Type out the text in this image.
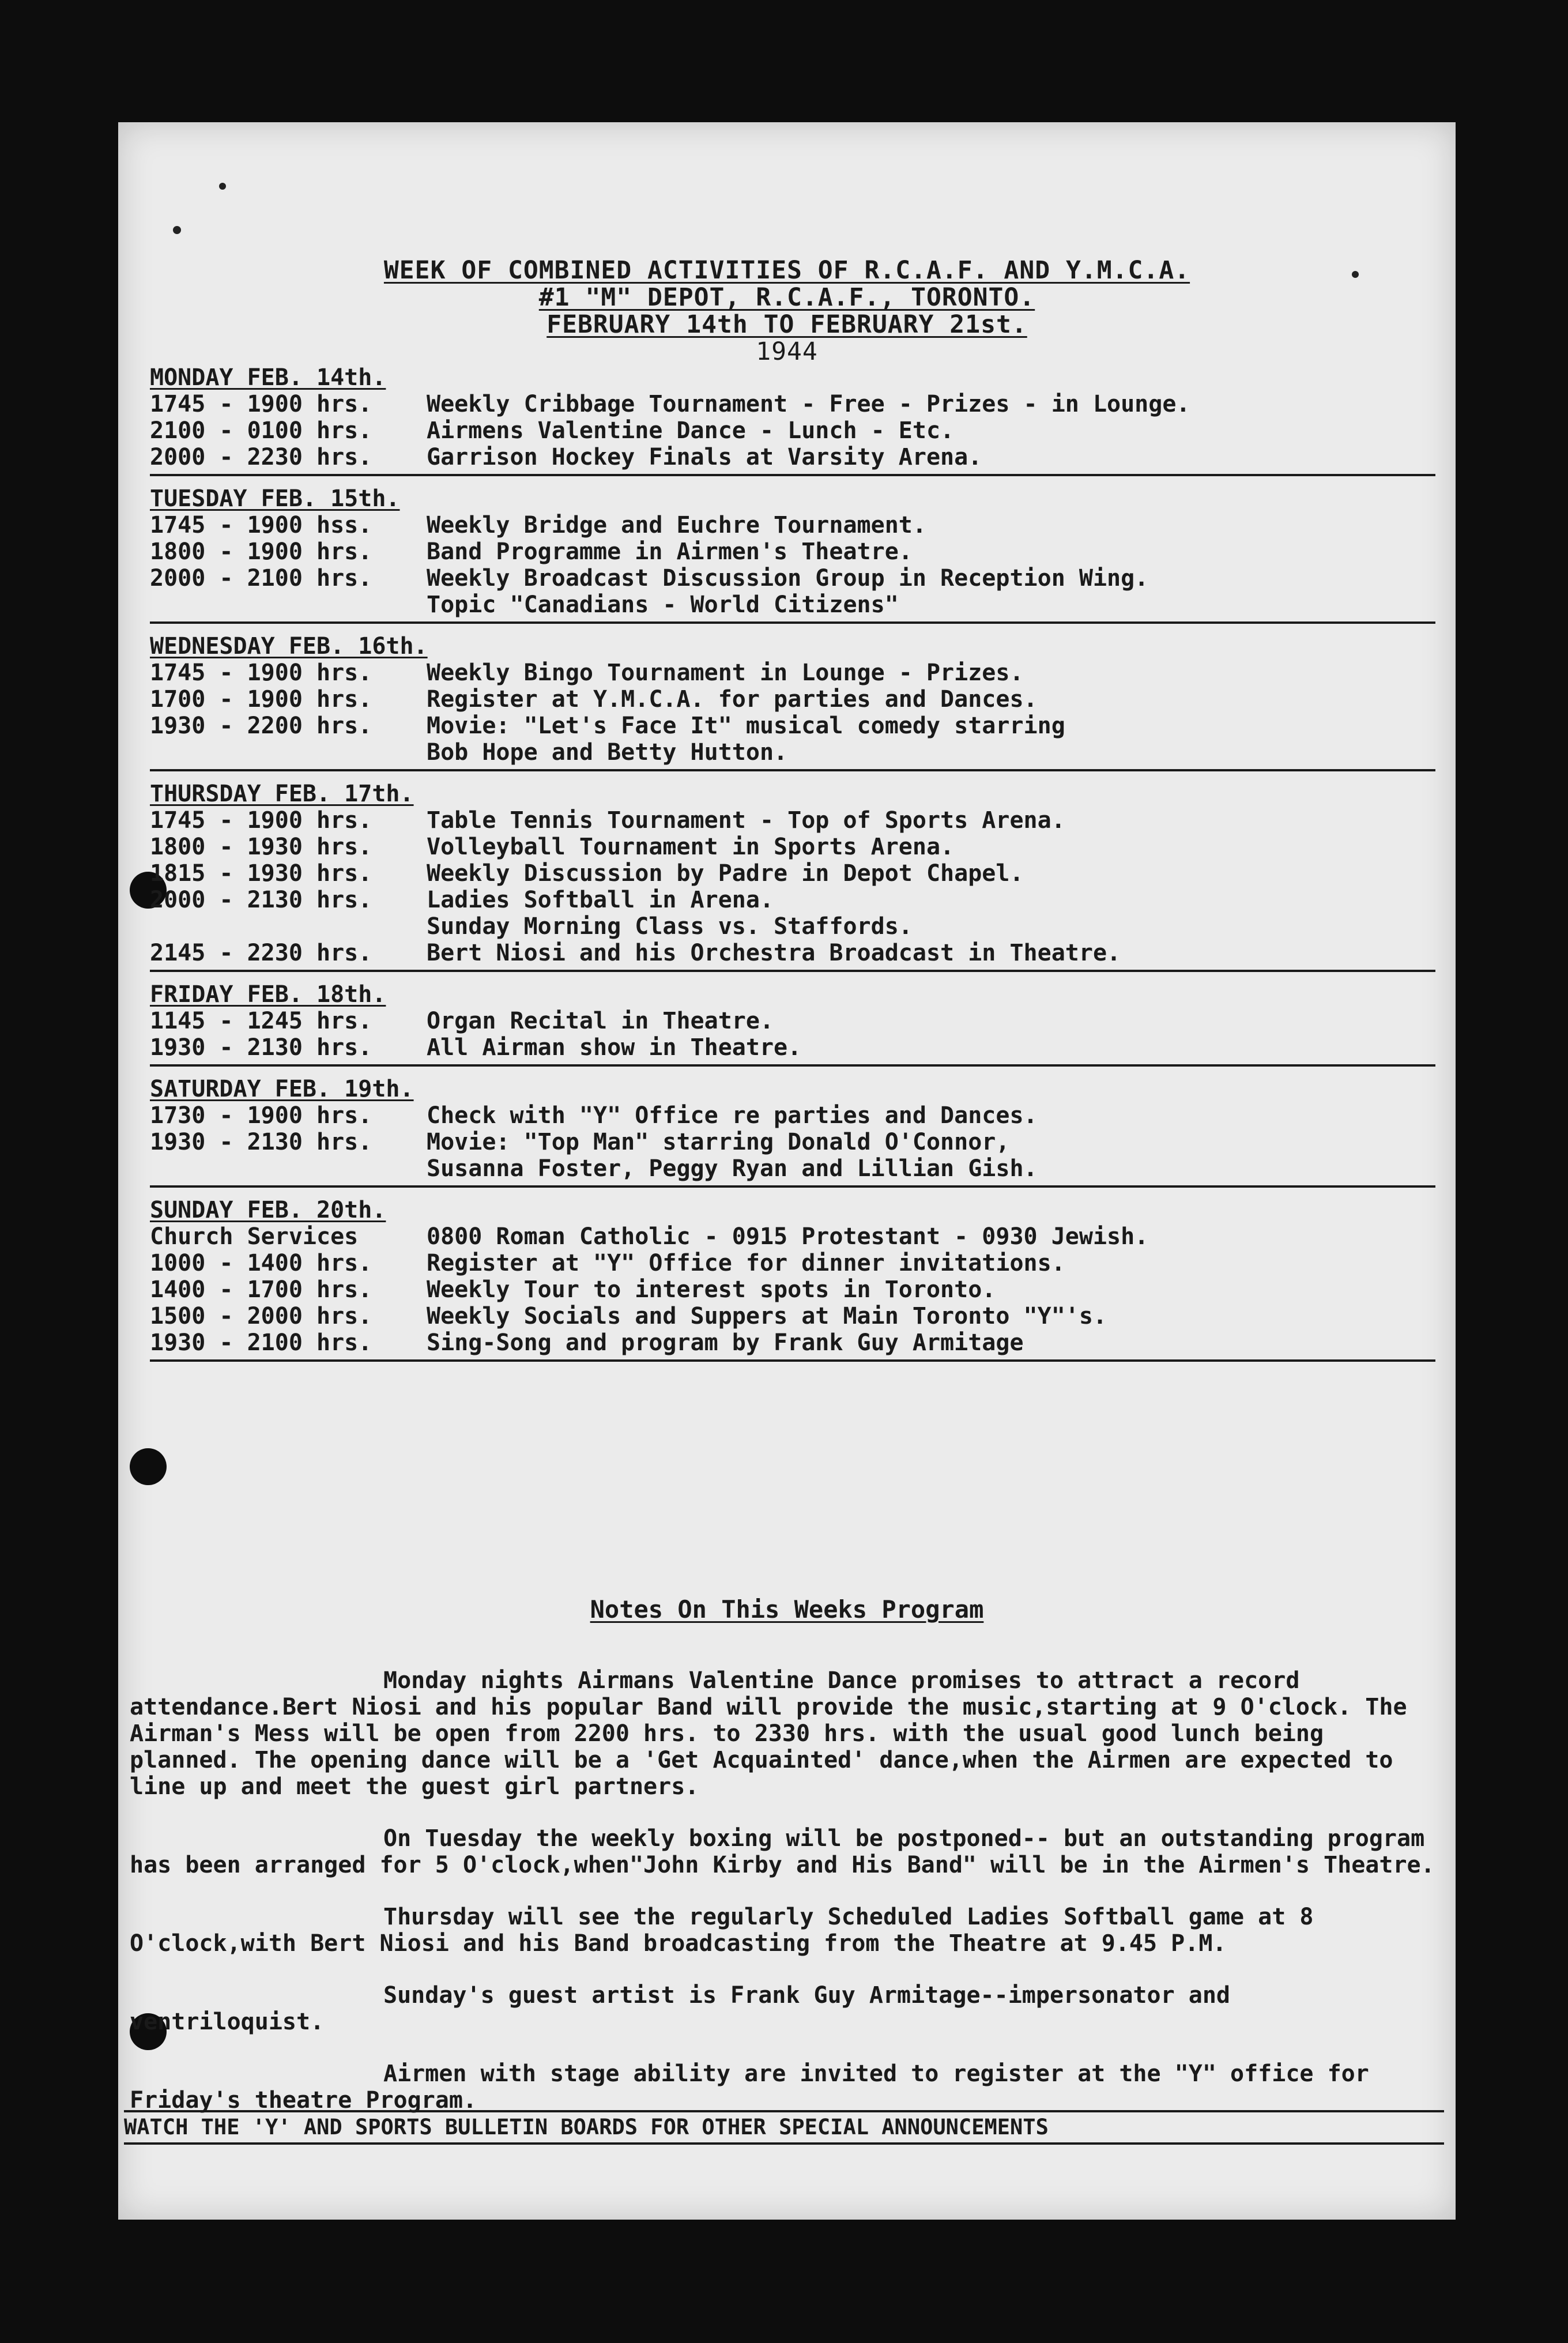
WEEK OF COMBINED ACTIVITIES OF R.C.A.F. AND Y.M.C.A.
#1 "M" DEPOT, R.C.A.F., TORONTO.
FEBRUARY 14th TO FEBRUARY 21st.
1944
MONDAY FEB. 14th.
1745 - 1900 hrs.	Weekly Cribbage Tournament - Free - Prizes - in Lounge.
2100 - 0100 hrs.	Airmens Valentine Dance - Lunch - Etc.
2000 - 2230 hrs.	Garrison Hockey Finals at Varsity Arena.
TUESDAY FEB. 15th.
1745 - 1900 hss.	Weekly Bridge and Euchre Tournament.
1800 - 1900 hrs.	Band Programme in Airmen's Theatre.
2000 - 2100 hrs.	Weekly Broadcast Discussion Group in Reception Wing.
Topic "Canadians - World Citizens"
WEDNESDAY FEB. 16th.
1745 - 1900 hrs.	Weekly Bingo Tournament in Lounge - Prizes.
1700 - 1900 hrs.	Register at Y.M.C.A. for parties and Dances.
1930 - 2200 hrs.	Movie: "Let's Face It" musical comedy starring
Bob Hope and Betty Hutton.
THURSDAY FEB. 17th.
1745 - 1900 hrs.	Table Tennis Tournament - Top of Sports Arena.
1800 - 1930 hrs.	Volleyball Tournament in Sports Arena.
1815 - 1930 hrs.	Weekly Discussion by Padre in Depot Chapel.
2000 - 2130 hrs.	Ladies Softball in Arena.
Sunday Morning Class vs. Staffords.
2145 - 2230 hrs.	Bert Niosi and his Orchestra Broadcast in Theatre.
FRIDAY FEB. 18th.
1145 - 1245 hrs.	Organ Recital in Theatre.
1930 - 2130 hrs.	All Airman show in Theatre.
SATURDAY FEB. 19th.
1730 - 1900 hrs.	Check with "Y" Office re parties and Dances.
1930 - 2130 hrs.	Movie: "Top Man" starring Donald O'Connor,
Susanna Foster, Peggy Ryan and Lillian Gish.
SUNDAY FEB. 20th.
Church Services	0800 Roman Catholic - 0915 Protestant - 0930 Jewish.
1000 - 1400 hrs.	Register at "Y" Office for dinner invitations.
1400 - 1700 hrs.	Weekly Tour to interest spots in Toronto.
1500 - 2000 hrs.	Weekly Socials and Suppers at Main Toronto "Y"'s.
1930 - 2100 hrs.	Sing-Song and program by Frank Guy Armitage
Notes On This Weeks Program

Monday nights Airmans Valentine Dance promises to attract a record attendance.Bert Niosi and his popular Band will provide the music,starting at 9 O'clock. The Airman's Mess will be open from 2200 hrs. to 2330 hrs. with the usual good lunch being planned. The opening dance will be a 'Get Acquainted' dance,when the Airmen are expected to line up and meet the guest girl partners.

On Tuesday the weekly boxing will be postponed-- but an outstanding program has been arranged for 5 O'clock,when"John Kirby and His Band" will be in the Airmen's Theatre.

Thursday will see the regularly Scheduled Ladies Softball game at 8 O'clock,with Bert Niosi and his Band broadcasting from the Theatre at 9.45 P.M.

Sunday's guest artist is Frank Guy Armitage--impersonator and ventriloquist.

Airmen with stage ability are invited to register at the "Y" office for Friday's theatre Program.

WATCH THE 'Y' AND SPORTS BULLETIN BOARDS FOR OTHER SPECIAL ANNOUNCEMENTS
